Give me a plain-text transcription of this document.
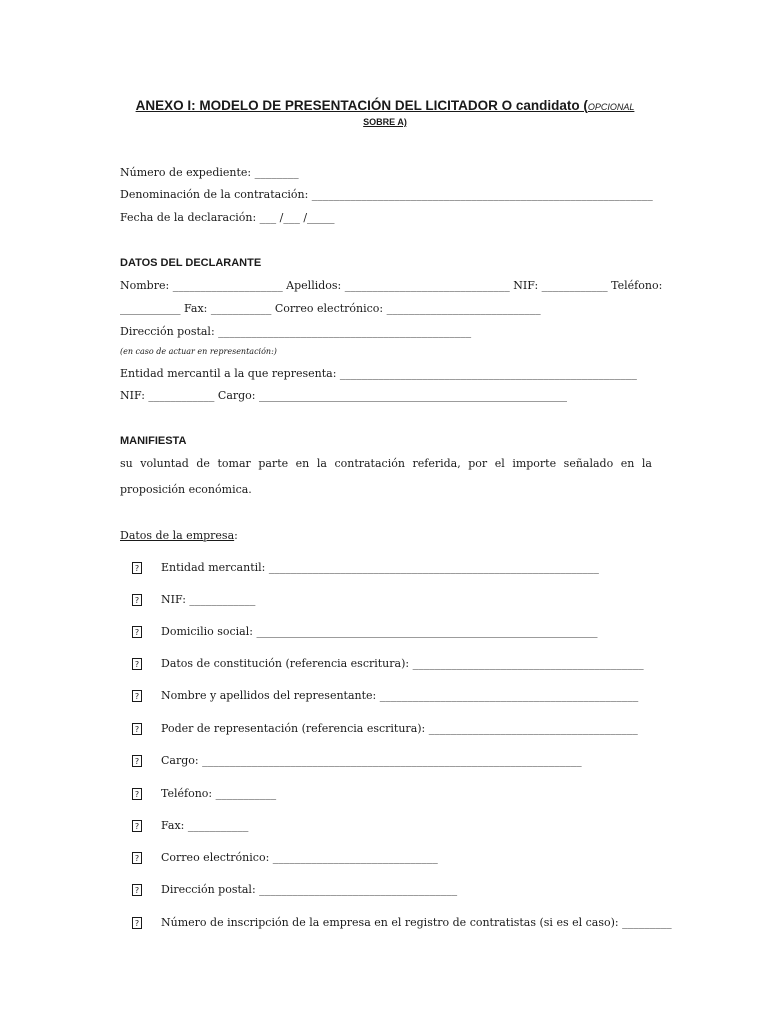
ANEXO I: MODELO DE PRESENTACIÓN DEL LICITADOR O candidato (OPCIONAL
SOBRE A)
Número de expediente: ________
Denominación de la contratación: ______________________________________________________________
Fecha de la declaración: ___ /___ /_____
DATOS DEL DECLARANTE
Nombre: ____________________ Apellidos: ______________________________ NIF: ____________ Teléfono:
___________ Fax: ___________ Correo electrónico: ____________________________
Dirección postal: ______________________________________________
(en caso de actuar en representación:)
Entidad mercantil a la que representa: ______________________________________________________
NIF: ____________ Cargo: ________________________________________________________
MANIFIESTA
su voluntad de tomar parte en la contratación referida, por el importe señalado en la proposición económica.
Datos de la empresa:
? Entidad mercantil: ____________________________________________________________
? NIF: ____________
? Domicilio social: ______________________________________________________________
? Datos de constitución (referencia escritura): __________________________________________
? Nombre y apellidos del representante: _______________________________________________
? Poder de representación (referencia escritura): ______________________________________
? Cargo: _____________________________________________________________________
? Teléfono: ___________
? Fax: ___________
? Correo electrónico: ______________________________
? Dirección postal: ____________________________________
? Número de inscripción de la empresa en el registro de contratistas (si es el caso): _________
